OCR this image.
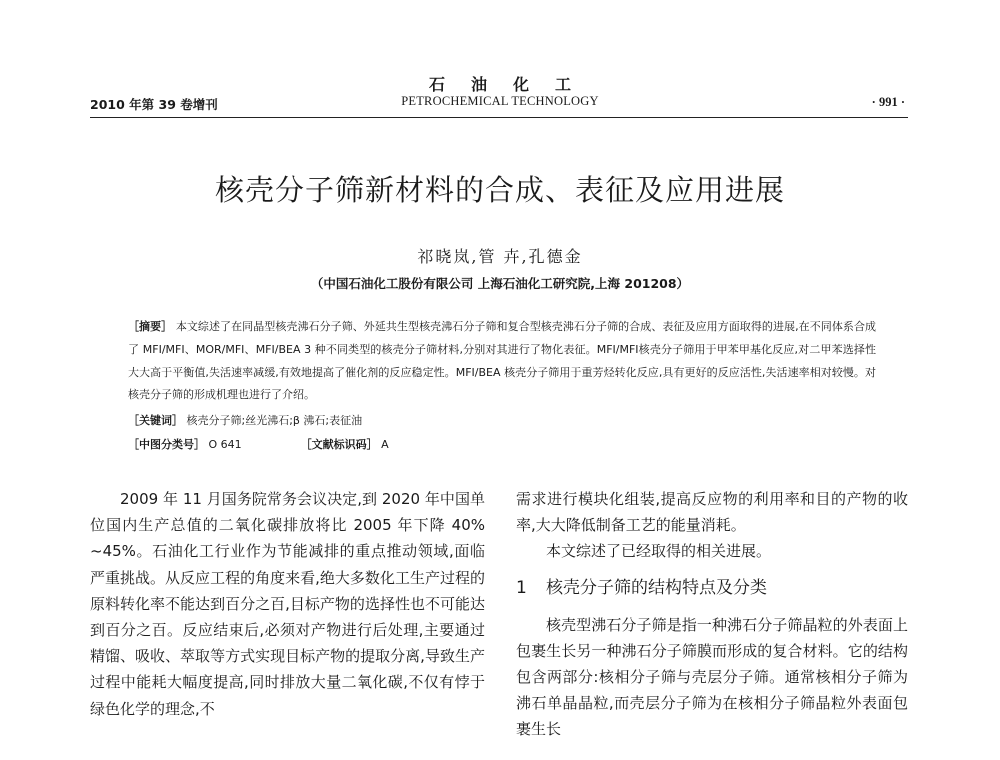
石油化工
2010 年第 39 卷增刊	PETROCHEMICAL TECHNOLOGY	· 991 ·
核壳分子筛新材料的合成、表征及应用进展
祁晓岚,管 卉,孔德金
（中国石油化工股份有限公司 上海石油化工研究院,上海 201208）
［摘要］ 本文综述了在同晶型核壳沸石分子筛、外延共生型核壳沸石分子筛和复合型核壳沸石分子筛的合成、表征及应用方面取得的进展,在不同体系合成了 MFI/MFI、MOR/MFI、MFI/BEA 3 种不同类型的核壳分子筛材料,分别对其进行了物化表征。MFI/MFI核壳分子筛用于甲苯甲基化反应,对二甲苯选择性大大高于平衡值,失活速率减缓,有效地提高了催化剂的反应稳定性。MFI/BEA 核壳分子筛用于重芳烃转化反应,具有更好的反应活性,失活速率相对较慢。对核壳分子筛的形成机理也进行了介绍。
［关键词］ 核壳分子筛;丝光沸石;β 沸石;表征油
［中图分类号］ O 641	［文献标识码］ A

2009 年 11 月国务院常务会议决定,到 2020 年中国单位国内生产总值的二氧化碳排放将比 2005 年下降 40% ~45%。石油化工行业作为节能减排的重点推动领域,面临严重挑战。从反应工程的角度来看,绝大多数化工生产过程的原料转化率不能达到百分之百,目标产物的选择性也不可能达到百分之百。反应结束后,必须对产物进行后处理,主要通过精馏、吸收、萃取等方式实现目标产物的提取分离,导致生产过程中能耗大幅度提高,同时排放大量二氧化碳,不仅有悖于绿色化学的理念,不

需求进行模块化组装,提高反应物的利用率和目的产物的收率,大大降低制备工艺的能量消耗。

本文综述了已经取得的相关进展。

1 核壳分子筛的结构特点及分类

核壳型沸石分子筛是指一种沸石分子筛晶粒的外表面上包裹生长另一种沸石分子筛膜而形成的复合材料。它的结构包含两部分:核相分子筛与壳层分子筛。通常核相分子筛为沸石单晶晶粒,而壳层分子筛为在核相分子筛晶粒外表面包裹生长
